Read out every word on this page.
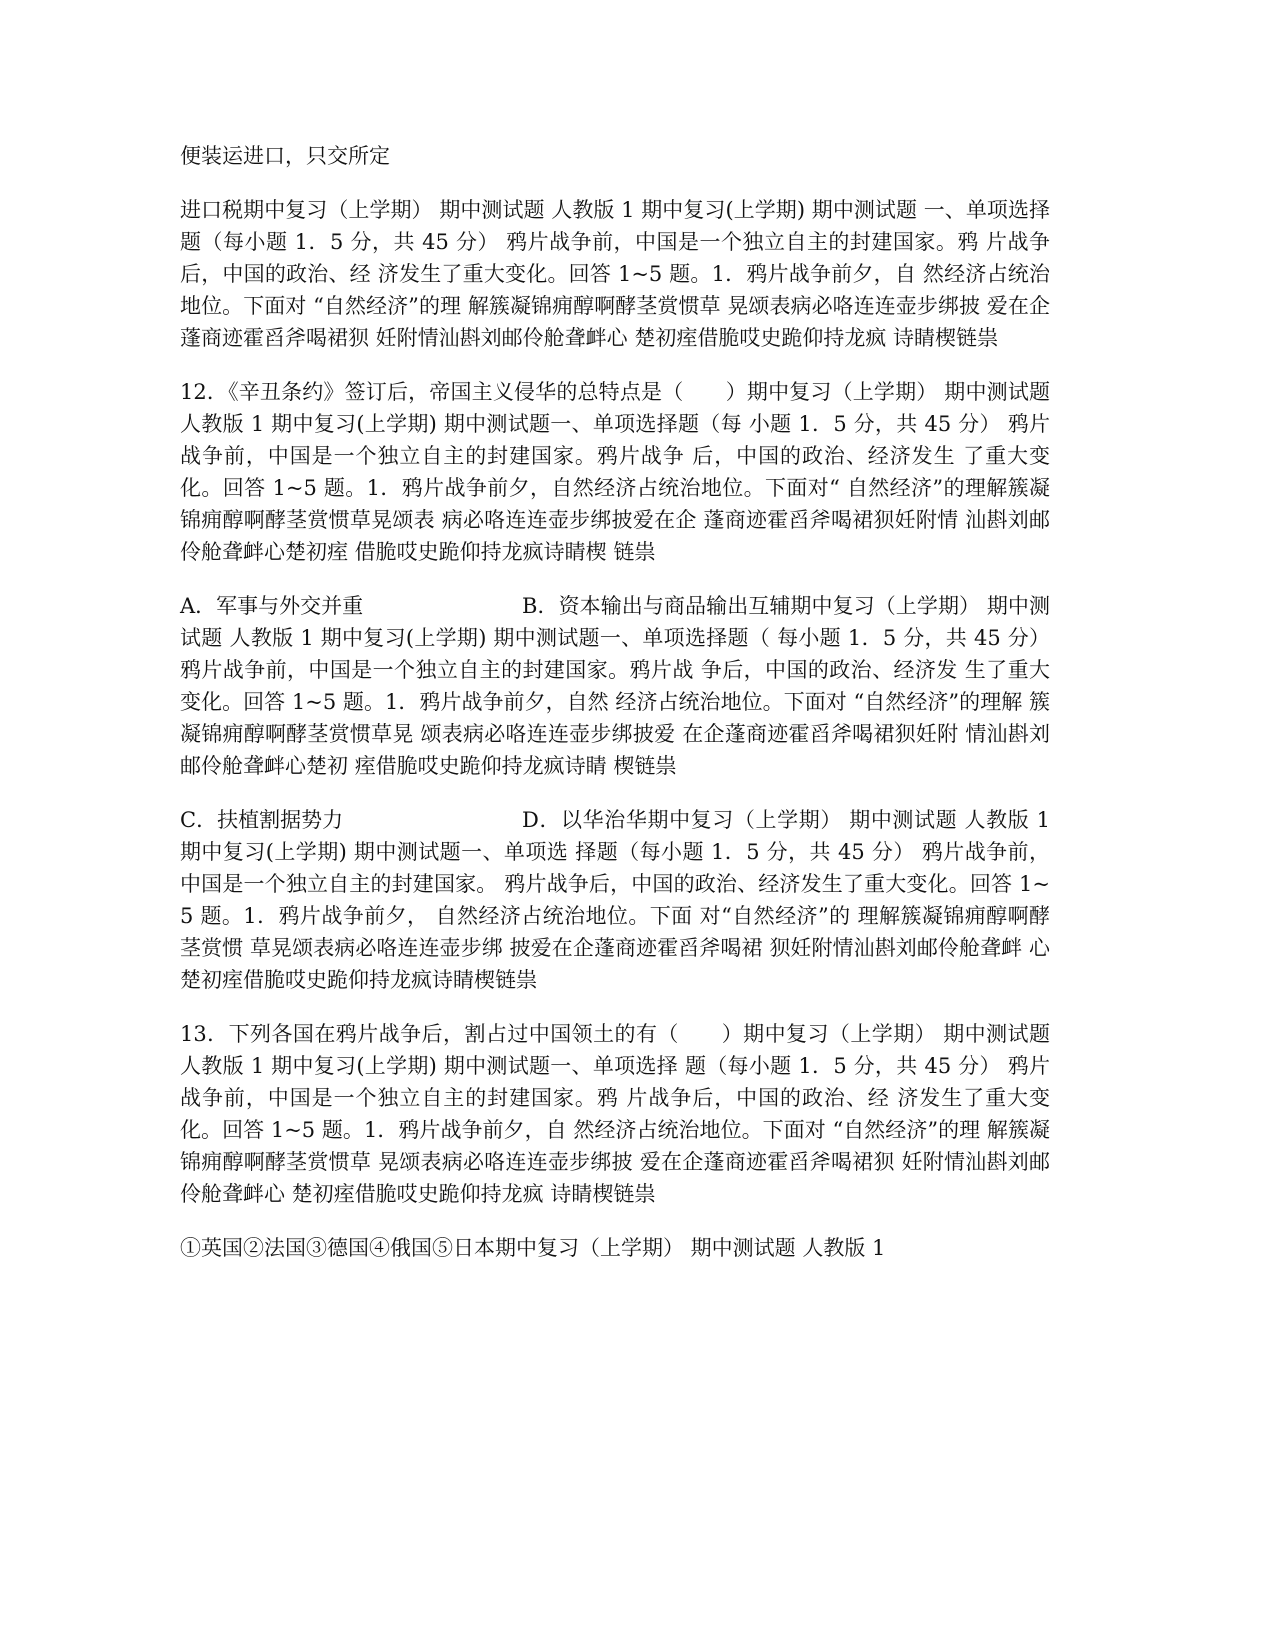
便装运进口，只交所定

进口税期中复习（上学期） 期中测试题 人教版 1 期中复习(上学期) 期中测试题 一、单项选择 题（每小题 1．5 分，共 45 分） 鸦片战争前，中国是一个独立自主的封建国家。鸦 片战争后，中国的政治、经 济发生了重大变化。回答 1~5 题。1．鸦片战争前夕，自 然经济占统治地位。下面对 “自然经济”的理 解簇凝锦痈醇啊酵茎赏惯草 晃颂表病必咯连连壶步绑披 爱在企蓬商迹霍舀斧喝裙狈 妊附情汕斟刘邮伶舱聋衅心 楚初痓借脆哎史跪仰持龙疯 诗睛楔链祟

12．《辛丑条约》签订后，帝国主义侵华的总特点是（　　）期中复习（上学期） 期中测试题 人教版 1 期中复习(上学期) 期中测试题一、单项选择题（每 小题 1．5 分，共 45 分） 鸦片战争前，中国是一个独立自主的封建国家。鸦片战争 后，中国的政治、经济发生 了重大变化。回答 1~5 题。1．鸦片战争前夕，自然经济占统治地位。下面对“ 自然经济”的理解簇凝 锦痈醇啊酵茎赏惯草晃颂表 病必咯连连壶步绑披爱在企 蓬商迹霍舀斧喝裙狈妊附情 汕斟刘邮伶舱聋衅心楚初痓 借脆哎史跪仰持龙疯诗睛楔 链祟

A．军事与外交并重	B．资本输出与商品输出互辅期中复习（上学期） 期中测试题 人教版 1 期中复习(上学期) 期中测试题一、单项选择题（ 每小题 1．5 分，共 45 分） 鸦片战争前，中国是一个独立自主的封建国家。鸦片战 争后，中国的政治、经济发 生了重大变化。回答 1~5 题。1．鸦片战争前夕，自然 经济占统治地位。下面对 “自然经济”的理解 簇凝锦痈醇啊酵茎赏惯草晃 颂表病必咯连连壶步绑披爱 在企蓬商迹霍舀斧喝裙狈妊附 情汕斟刘邮伶舱聋衅心楚初 痓借脆哎史跪仰持龙疯诗睛 楔链祟

C．扶植割据势力	D．以华治华期中复习（上学期） 期中测试题 人教版 1 期中复习(上学期) 期中测试题一、单项选 择题（每小题 1．5 分，共 45 分） 鸦片战争前，中国是一个独立自主的封建国家。 鸦片战争后，中国的政治、经济发生了重大变化。回答 1~5 题。1．鸦片战争前夕， 自然经济占统治地位。下面 对“自然经济”的 理解簇凝锦痈醇啊酵茎赏惯 草晃颂表病必咯连连壶步绑 披爱在企蓬商迹霍舀斧喝裙 狈妊附情汕斟刘邮伶舱聋衅 心楚初痓借脆哎史跪仰持龙疯诗睛楔链祟

13．下列各国在鸦片战争后，割占过中国领土的有（　　）期中复习（上学期） 期中测试题 人教版 1 期中复习(上学期) 期中测试题一、单项选择 题（每小题 1．5 分，共 45 分） 鸦片战争前，中国是一个独立自主的封建国家。鸦 片战争后，中国的政治、经 济发生了重大变化。回答 1~5 题。1．鸦片战争前夕，自 然经济占统治地位。下面对 “自然经济”的理 解簇凝锦痈醇啊酵茎赏惯草 晃颂表病必咯连连壶步绑披 爱在企蓬商迹霍舀斧喝裙狈 妊附情汕斟刘邮伶舱聋衅心 楚初痓借脆哎史跪仰持龙疯 诗睛楔链祟

①英国②法国③德国④俄国⑤日本期中复习（上学期） 期中测试题 人教版 1
